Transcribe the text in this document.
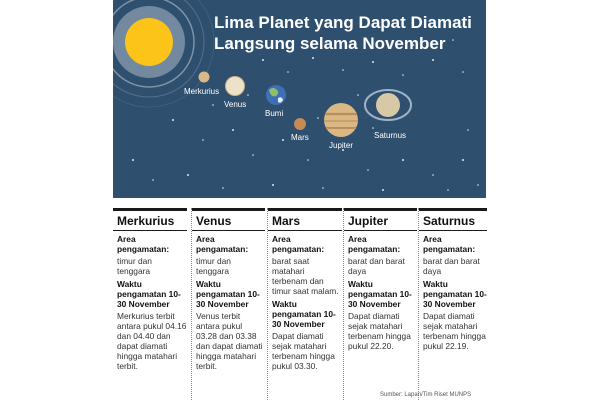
Lima Planet yang Dapat Diamati
Langsung selama November
Merkurius
Venus
Bumi
Mars
Jupiter
Saturnus
Merkurius
Area pengamatan:
timur dan tenggara
Waktu pengamatan 10-30 November
Merkurius terbit antara pukul 04.16 dan 04.40 dan dapat diamati hingga matahari terbit.
Venus
Area pengamatan:
timur dan tenggara
Waktu pengamatan 10-30 November
Venus terbit antara pukul 03.28 dan 03.38 dan dapat diamati hingga matahari terbit.
Mars
Area pengamatan:
barat saat matahari terbenam dan timur saat malam.
Waktu pengamatan 10-30 November
Dapat diamati sejak matahari terbenam hingga pukul 03.30.
Jupiter
Area pengamatan:
barat dan barat daya
Waktu pengamatan 10-30 November
Dapat diamati sejak matahari terbenam hingga pukul 22.20.
Saturnus
Area pengamatan:
barat dan barat daya
Waktu pengamatan 10-30 November
Dapat diamati sejak matahari terbenam hingga pukul 22.19.
Sumber: Lapan/Tim Riset MUNPS
